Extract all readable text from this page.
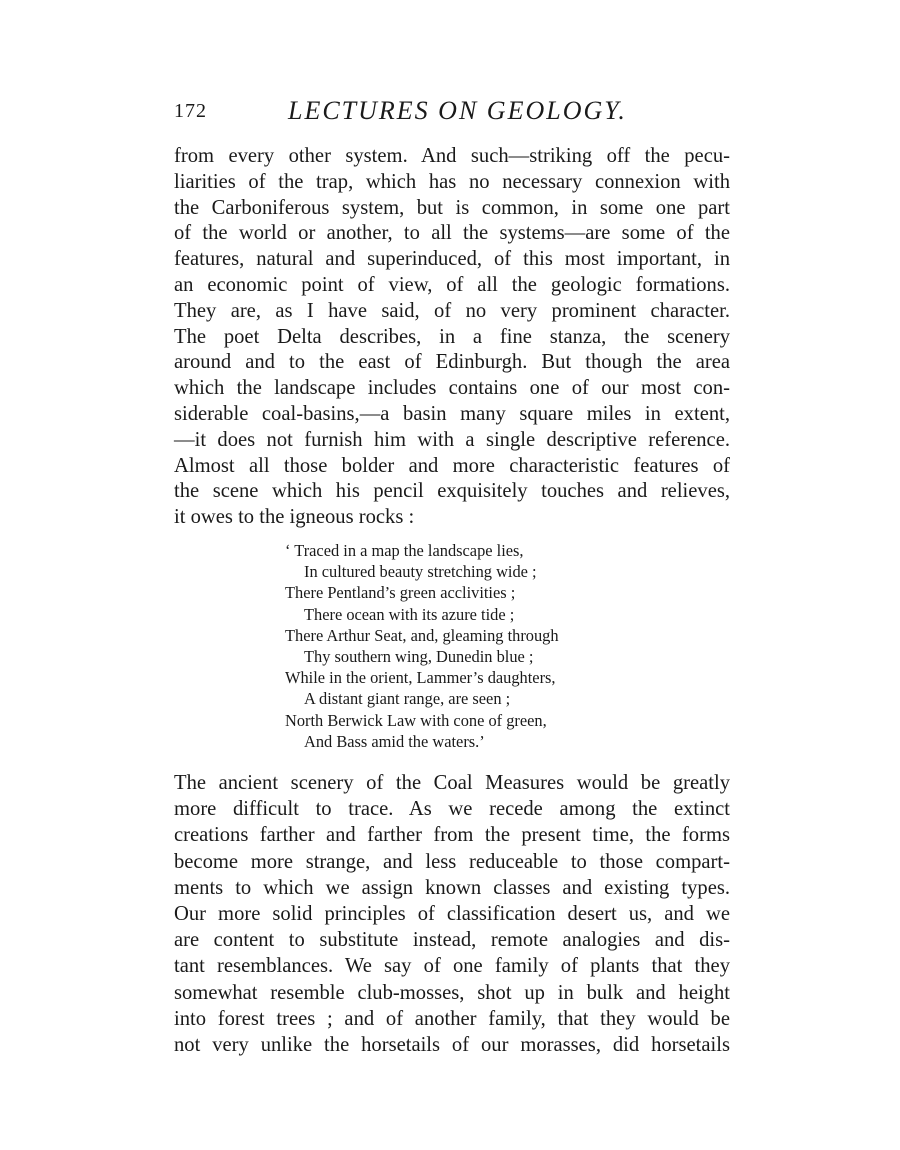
172	LECTURES ON GEOLOGY.
from every other system. And such—striking off the pecu-
liarities of the trap, which has no necessary connexion with
the Carboniferous system, but is common, in some one part
of the world or another, to all the systems—are some of the
features, natural and superinduced, of this most important, in
an economic point of view, of all the geologic formations.
They are, as I have said, of no very prominent character.
The poet Delta describes, in a fine stanza, the scenery
around and to the east of Edinburgh. But though the area
which the landscape includes contains one of our most con-
siderable coal-basins,—a basin many square miles in extent,
—it does not furnish him with a single descriptive reference.
Almost all those bolder and more characteristic features of
the scene which his pencil exquisitely touches and relieves,
it owes to the igneous rocks :
‘ Traced in a map the landscape lies,
In cultured beauty stretching wide ;
There Pentland’s green acclivities ;
There ocean with its azure tide ;
There Arthur Seat, and, gleaming through
Thy southern wing, Dunedin blue ;
While in the orient, Lammer’s daughters,
A distant giant range, are seen ;
North Berwick Law with cone of green,
And Bass amid the waters.’
The ancient scenery of the Coal Measures would be greatly
more difficult to trace. As we recede among the extinct
creations farther and farther from the present time, the forms
become more strange, and less reduceable to those compart-
ments to which we assign known classes and existing types.
Our more solid principles of classification desert us, and we
are content to substitute instead, remote analogies and dis-
tant resemblances. We say of one family of plants that they
somewhat resemble club-mosses, shot up in bulk and height
into forest trees ; and of another family, that they would be
not very unlike the horsetails of our morasses, did horsetails
